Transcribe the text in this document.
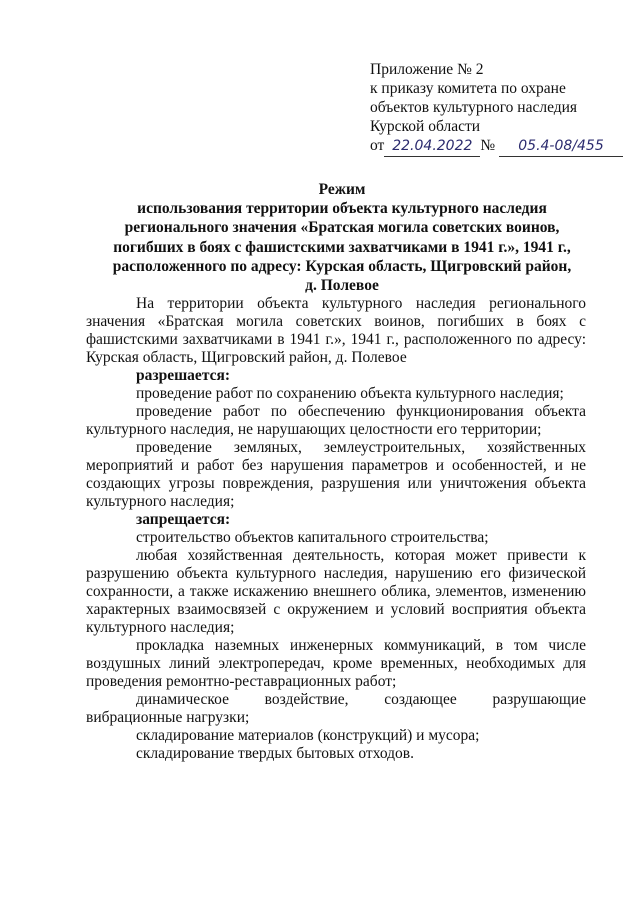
Приложение № 2
к приказу комитета по охране
объектов культурного наследия
Курской области
от 22.04.2022 № 05.4-08/455
Режим
использования территории объекта культурного наследия
регионального значения «Братская могила советских воинов,
погибших в боях с фашистскими захватчиками в 1941 г.», 1941 г.,
расположенного по адресу: Курская область, Щигровский район,
д. Полевое

На территории объекта культурного наследия регионального значения «Братская могила советских воинов, погибших в боях с фашистскими захватчиками в 1941 г.», 1941 г., расположенного по адресу: Курская область, Щигровский район, д. Полевое

разрешается:

проведение работ по сохранению объекта культурного наследия;

проведение работ по обеспечению функционирования объекта культурного наследия, не нарушающих целостности его территории;

проведение земляных, землеустроительных, хозяйственных мероприятий и работ без нарушения параметров и особенностей, и не создающих угрозы повреждения, разрушения или уничтожения объекта культурного наследия;

запрещается:

строительство объектов капитального строительства;

любая хозяйственная деятельность, которая может привести к разрушению объекта культурного наследия, нарушению его физической сохранности, а также искажению внешнего облика, элементов, изменению характерных взаимосвязей с окружением и условий восприятия объекта культурного наследия;

прокладка наземных инженерных коммуникаций, в том числе воздушных линий электропередач, кроме временных, необходимых для проведения ремонтно-реставрационных работ;

динамическое воздействие, создающее разрушающие вибрационные нагрузки;

складирование материалов (конструкций) и мусора;

складирование твердых бытовых отходов.
